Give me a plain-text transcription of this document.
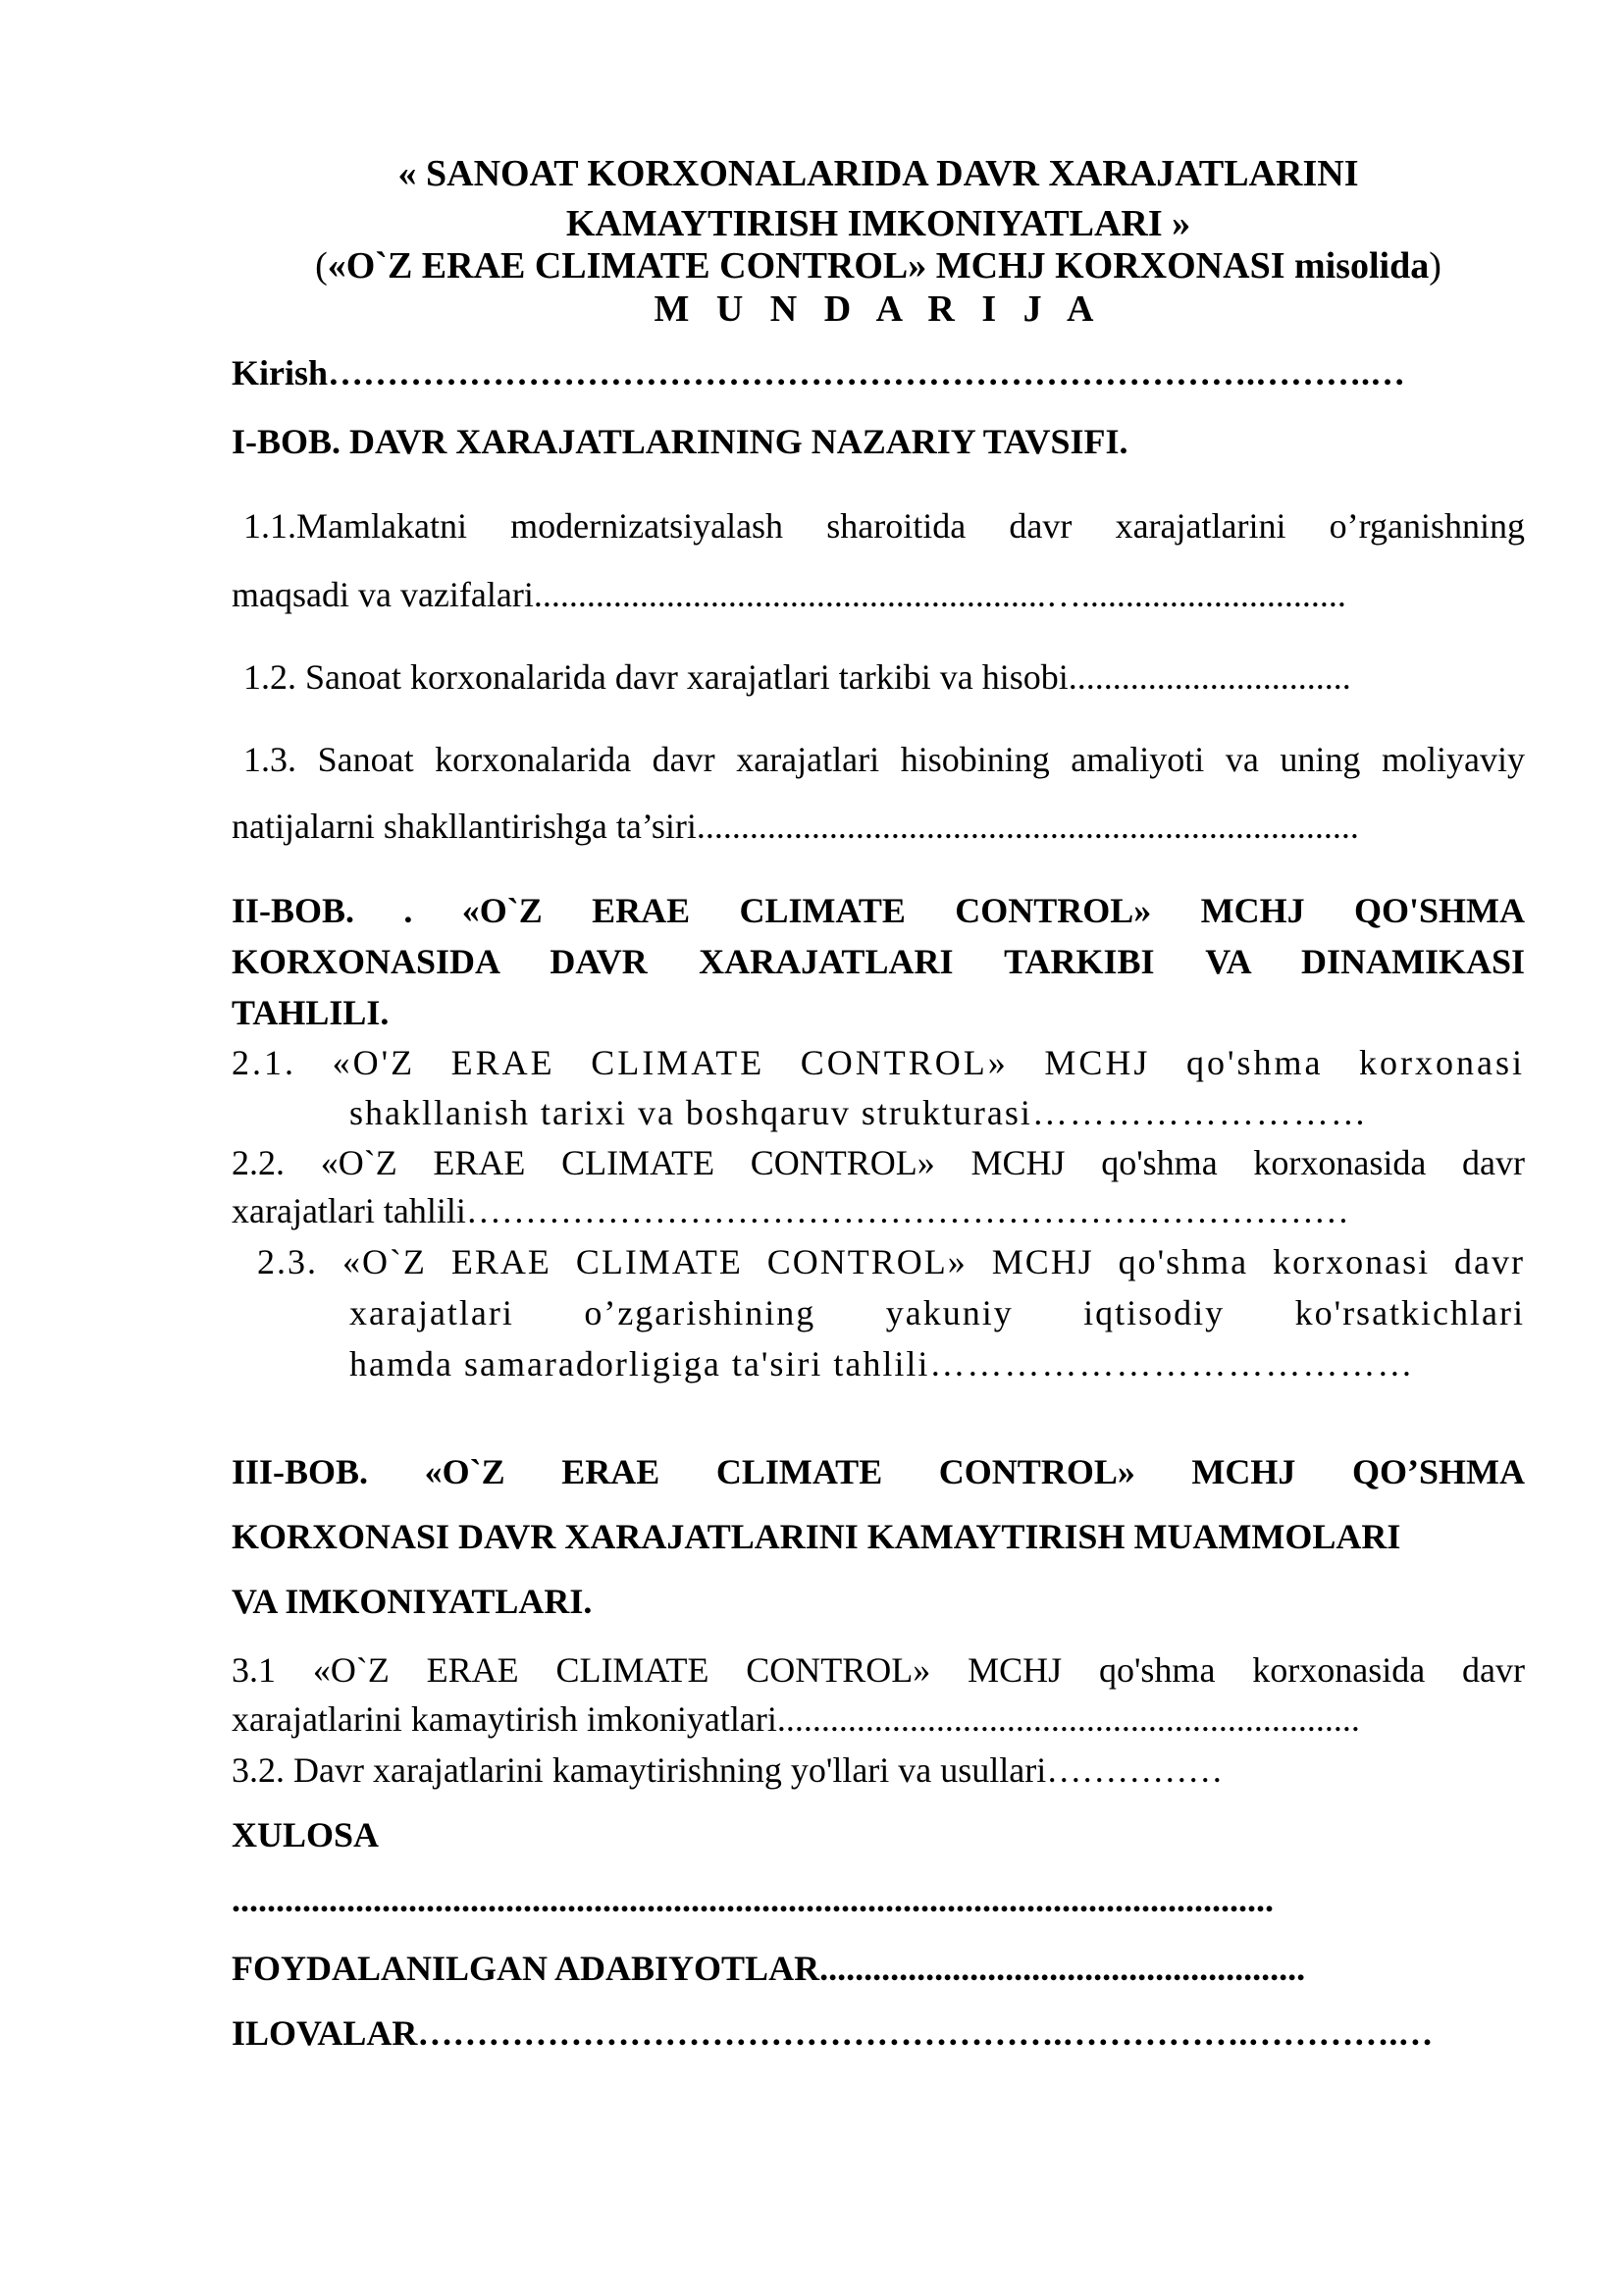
« SANOAT KORXONALARIDA DAVR XARAJATLARINI
KAMAYTIRISH IMKONIYATLARI »
(«O`Z ERAE CLIMATE CONTROL» MCHJ KORXONASI misolida)
M U N D A R I J A
Kirish…………………………………………………………………….……….…
I-BOB. DAVR XARAJATLARINING NAZARIY TAVSIFI.
1.1.Mamlakatni modernizatsiyalash sharoitida davr xarajatlarini o’rganishning
maqsadi va vazifalari..........................................................…..............................
1.2. Sanoat korxonalarida davr xarajatlari tarkibi va hisobi................................
1.3. Sanoat korxonalarida davr xarajatlari hisobining amaliyoti va uning moliyaviy
natijalarni shakllantirishga ta’siri...........................................................................
II-BOB. . «O`Z ERAE CLIMATE CONTROL» MCHJ QO'SHMA
KORXONASIDA DAVR XARAJATLARI TARKIBI VA DINAMIKASI
TAHLILI.
2.1. «O'Z ERAE CLIMATE CONTROL» MCHJ qo'shma korxonasi
shakllanish tarixi va boshqaruv strukturasi………………………
2.2. «O`Z ERAE CLIMATE CONTROL» MCHJ qo'shma korxonasida davr
xarajatlari tahlili…………………………………………………………………
2.3. «O`Z ERAE CLIMATE CONTROL» MCHJ qo'shma korxonasi davr
xarajatlari o’zgarishining yakuniy iqtisodiy ko'rsatkichlari
hamda samaradorligiga ta'siri tahlili…………………………………
III-BOB. «O`Z ERAE CLIMATE CONTROL» MCHJ QO’SHMA
KORXONASI DAVR XARAJATLARINI KAMAYTIRISH MUAMMOLARI
VA IMKONIYATLARI.
3.1 «O`Z ERAE CLIMATE CONTROL» MCHJ qo'shma korxonasida davr
xarajatlarini kamaytirish imkoniyatlari..................................................................
3.2. Davr xarajatlarini kamaytirishning yo'llari va usullari……………
XULOSA
......................................................................................................................
FOYDALANILGAN ADABIYOTLAR.......................................................
ILOVALAR……………………………………………….…………….………….…
